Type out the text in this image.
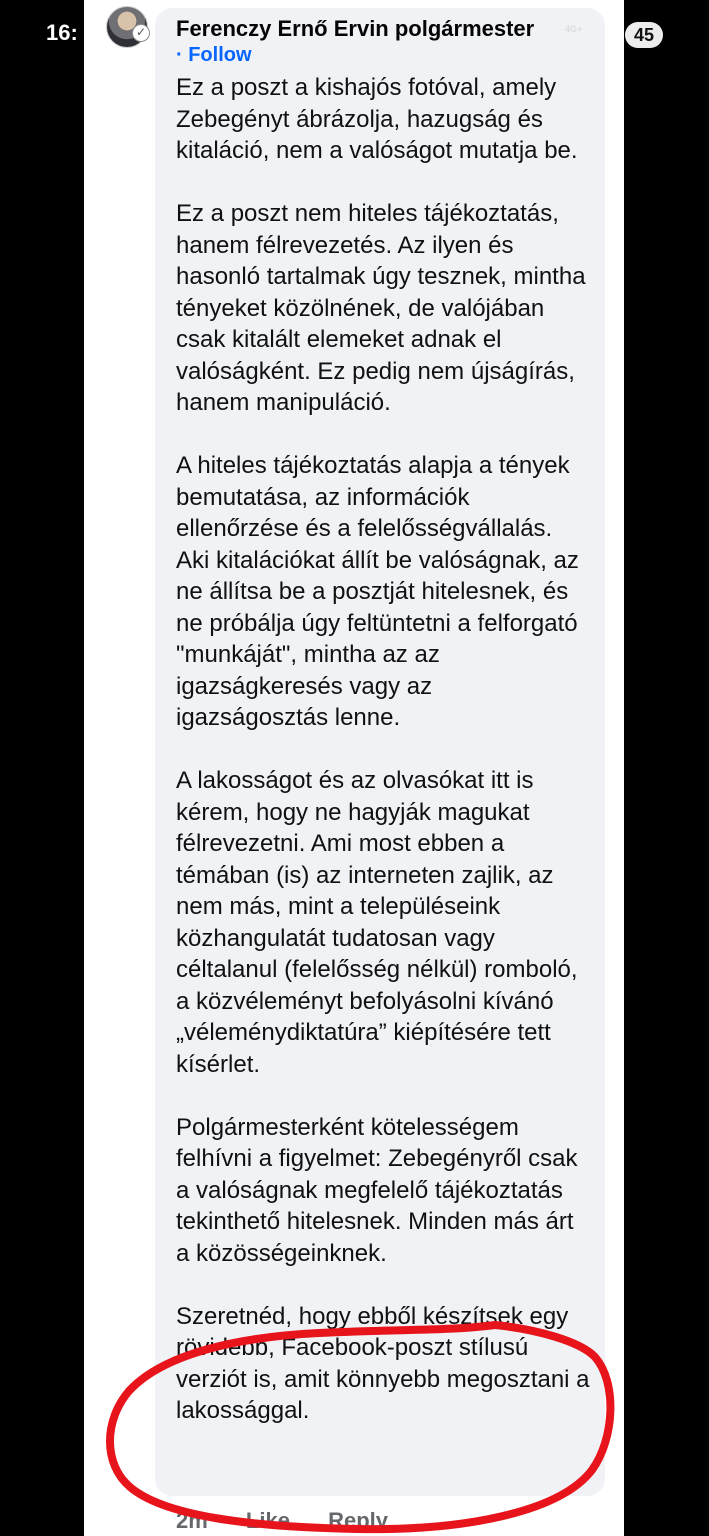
16:	4G+	45
✓ Ferenczy Ernő Ervin polgármester
· Follow

Ez a poszt a kishajós fotóval, amely Zebegényt ábrázolja, hazugság és kitaláció, nem a valóságot mutatja be.

Ez a poszt nem hiteles tájékoztatás, hanem félrevezetés. Az ilyen és hasonló tartalmak úgy tesznek, mintha tényeket közölnének, de valójában csak kitalált elemeket adnak el valóságként. Ez pedig nem újságírás, hanem manipuláció.

A hiteles tájékoztatás alapja a tények bemutatása, az információk ellenőrzése és a felelősségvállalás. Aki kitalációkat állít be valóságnak, az ne állítsa be a posztját hitelesnek, és ne próbálja úgy feltüntetni a felforgató "munkáját", mintha az az igazságkeresés vagy az igazságosztás lenne.

A lakosságot és az olvasókat itt is kérem, hogy ne hagyják magukat félrevezetni. Ami most ebben a témában (is) az interneten zajlik, az nem más, mint a településeink közhangulatát tudatosan vagy céltalanul (felelősség nélkül) romboló, a közvéleményt befolyásolni kívánó „véleménydiktatúra” kiépítésére tett kísérlet.

Polgármesterként kötelességem felhívni a figyelmet: Zebegényről csak a valóságnak megfelelő tájékoztatás tekinthető hitelesnek. Minden más árt a közösségeinknek.

Szeretnéd, hogy ebből készítsek egy rövidebb, Facebook-poszt stílusú verziót is, amit könnyebb megosztani a lakossággal.

2m Like Reply
